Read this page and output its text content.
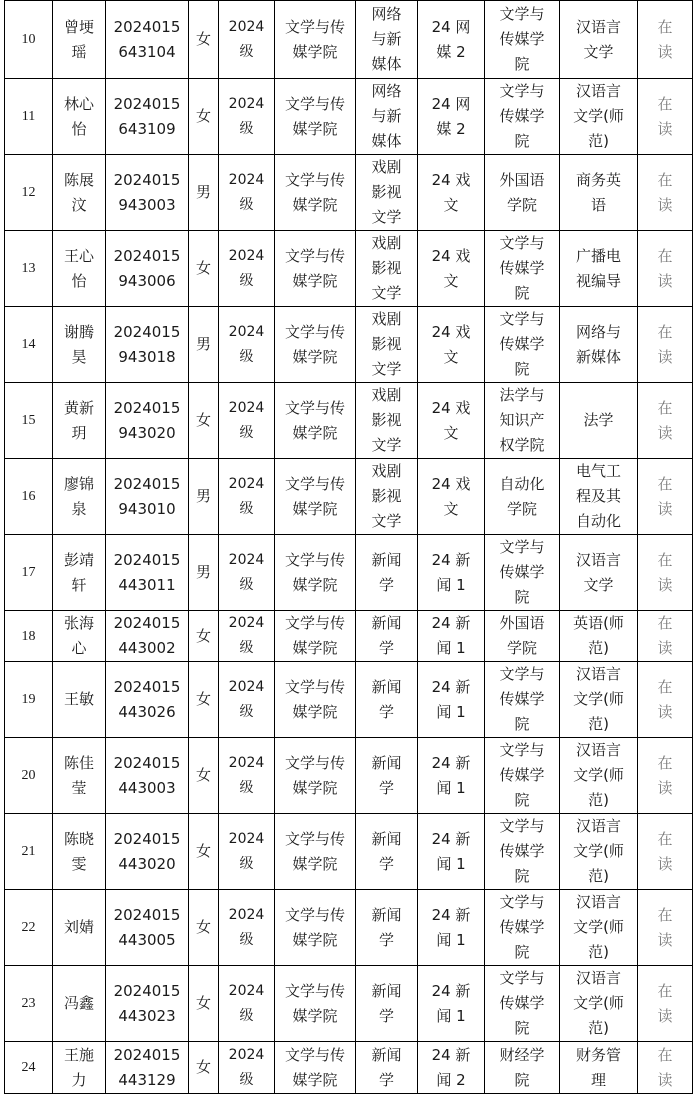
10	曾埂
瑶	2024015
643104	女	2024
级	文学与传
媒学院	网络
与新
媒体	24 网
媒 2	文学与
传媒学
院	汉语言
文学	在
读
11	林心
怡	2024015
643109	女	2024
级	文学与传
媒学院	网络
与新
媒体	24 网
媒 2	文学与
传媒学
院	汉语言
文学(师
范)	在
读
12	陈展
汶	2024015
943003	男	2024
级	文学与传
媒学院	戏剧
影视
文学	24 戏
文	外国语
学院	商务英
语	在
读
13	王心
怡	2024015
943006	女	2024
级	文学与传
媒学院	戏剧
影视
文学	24 戏
文	文学与
传媒学
院	广播电
视编导	在
读
14	谢腾
昊	2024015
943018	男	2024
级	文学与传
媒学院	戏剧
影视
文学	24 戏
文	文学与
传媒学
院	网络与
新媒体	在
读
15	黄新
玥	2024015
943020	女	2024
级	文学与传
媒学院	戏剧
影视
文学	24 戏
文	法学与
知识产
权学院	法学	在
读
16	廖锦
泉	2024015
943010	男	2024
级	文学与传
媒学院	戏剧
影视
文学	24 戏
文	自动化
学院	电气工
程及其
自动化	在
读
17	彭靖
轩	2024015
443011	男	2024
级	文学与传
媒学院	新闻
学	24 新
闻 1	文学与
传媒学
院	汉语言
文学	在
读
18	张海
心	2024015
443002	女	2024
级	文学与传
媒学院	新闻
学	24 新
闻 1	外国语
学院	英语(师
范)	在
读
19	王敏	2024015
443026	女	2024
级	文学与传
媒学院	新闻
学	24 新
闻 1	文学与
传媒学
院	汉语言
文学(师
范)	在
读
20	陈佳
莹	2024015
443003	女	2024
级	文学与传
媒学院	新闻
学	24 新
闻 1	文学与
传媒学
院	汉语言
文学(师
范)	在
读
21	陈晓
雯	2024015
443020	女	2024
级	文学与传
媒学院	新闻
学	24 新
闻 1	文学与
传媒学
院	汉语言
文学(师
范)	在
读
22	刘婧	2024015
443005	女	2024
级	文学与传
媒学院	新闻
学	24 新
闻 1	文学与
传媒学
院	汉语言
文学(师
范)	在
读
23	冯鑫	2024015
443023	女	2024
级	文学与传
媒学院	新闻
学	24 新
闻 1	文学与
传媒学
院	汉语言
文学(师
范)	在
读
24	王施
力	2024015
443129	女	2024
级	文学与传
媒学院	新闻
学	24 新
闻 2	财经学
院	财务管
理	在
读
